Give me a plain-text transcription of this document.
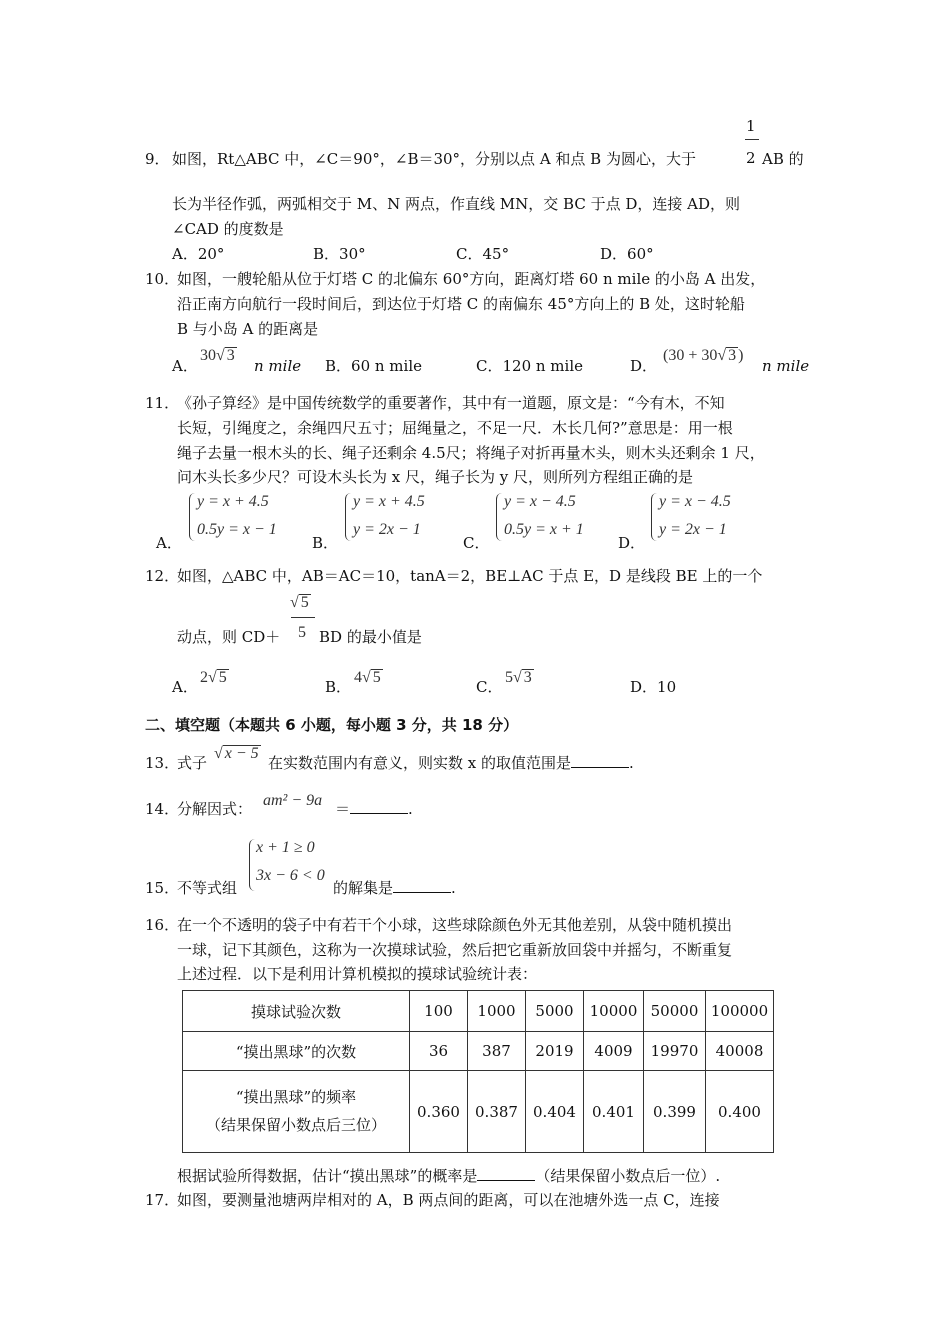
9． 如图，Rt△ABC 中，∠C＝90°，∠B＝30°，分别以点 A 和点 B 为圆心，大于
1
2 AB 的
长为半径作弧，两弧相交于 M、N 两点，作直线 MN，交 BC 于点 D，连接 AD，则
∠CAD 的度数是
A．20°	B．30°	C．45°	D．60°
10．
如图，一艘轮船从位于灯塔 C 的北偏东 60°方向，距离灯塔 60 n mile 的小岛 A 出发，
沿正南方向航行一段时间后，到达位于灯塔 C 的南偏东 45°方向上的 B 处，这时轮船
B 与小岛 A 的距离是
A．
30√ 3
n mile B．60 n mile	C．120 n mile	D．
(30 + 30√ 3 )
n mile
11．
《孙子算经》是中国传统数学的重要著作，其中有一道题，原文是：“今有木，不知
长短，引绳度之，余绳四尺五寸；屈绳量之，不足一尺．木长几何?”意思是：用一根
绳子去量一根木头的长、绳子还剩余 4.5尺；将绳子对折再量木头，则木头还剩余 1 尺，
问木头长多少尺？可设木头长为 x 尺，绳子长为 y 尺，则所列方程组正确的是
A．
y = x + 4.5
0.5y = x − 1
B．
y = x + 4.5
y = 2x − 1
C．
y = x − 4.5
0.5y = x + 1
D．
y = x − 4.5
y = 2x − 1
12．
如图，△ABC 中，AB＝AC＝10，tanA＝2，BE⊥AC 于点 E，D 是线段 BE 上的一个
动点，则 CD＋
√ 5
5 BD 的最小值是
A．
2√ 5
B．
4√ 5
C．
5√ 3
D．10
二、填空题（本题共 6 小题，每小题 3 分，共 18 分）
13．
式子
√ x − 5
在实数范围内有意义，则实数 x 的取值范围是	.
14．
分解因式： am² − 9a ＝	.
x + 1 ≥ 0
3x − 6 < 0
15．
不等式组	的解集是	.
16．
在一个不透明的袋子中有若干个小球，这些球除颜色外无其他差别，从袋中随机摸出
一球，记下其颜色，这称为一次摸球试验，然后把它重新放回袋中并摇匀，不断重复
上述过程．以下是利用计算机模拟的摸球试验统计表：
摸球试验次数	100	1000	5000	10000	50000	100000
“摸出黑球”的次数	36	387	2019	4009	19970	40008

“摸出黑球”的频率
（结果保留小数点后三位）	0.360	0.387	0.404	0.401	0.399	0.400
根据试验所得数据，估计“摸出黑球”的概率是	（结果保留小数点后一位）.
17．
如图，要测量池塘两岸相对的 A，B 两点间的距离，可以在池塘外选一点 C，连接
